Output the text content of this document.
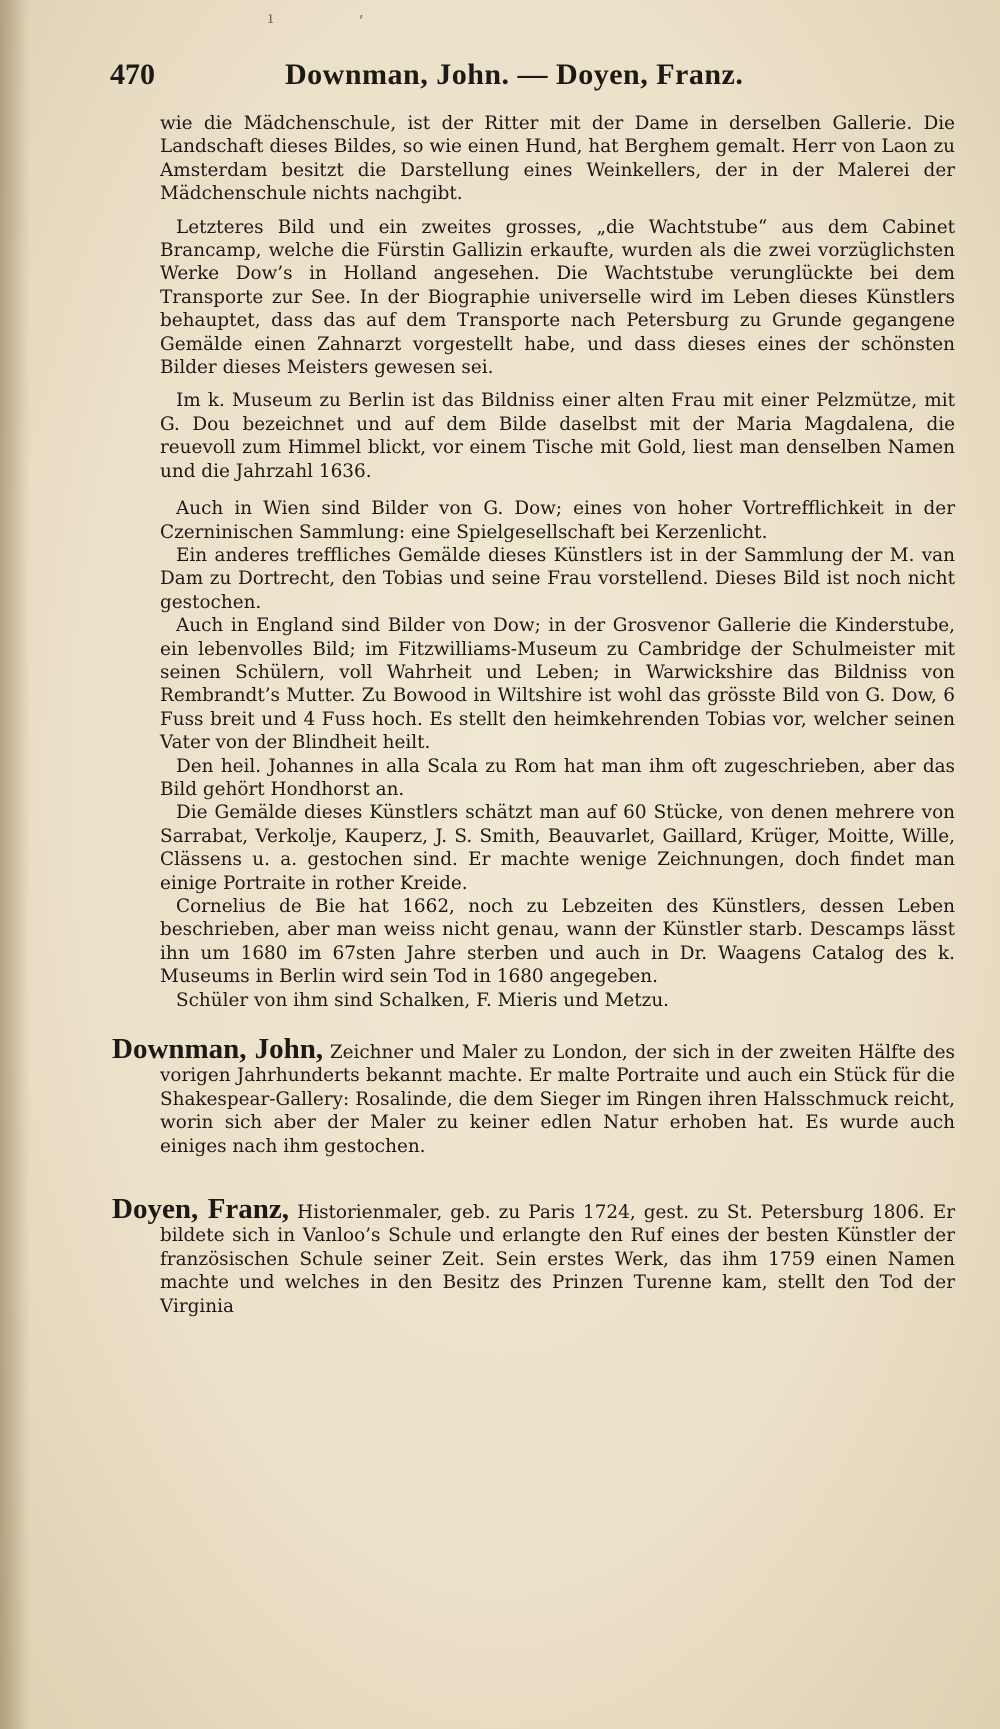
ı	ʼ
470	Downman, John. — Doyen, Franz.

wie die Mädchenschule, ist der Ritter mit der Dame in derselben Gallerie. Die Landschaft dieses Bildes, so wie einen Hund, hat Berghem gemalt. Herr von Laon zu Amsterdam besitzt die Darstellung eines Weinkellers, der in der Malerei der Mädchenschule nichts nachgibt.

Letzteres Bild und ein zweites grosses, „die Wachtstube“ aus dem Cabinet Brancamp, welche die Fürstin Gallizin erkaufte, wurden als die zwei vorzüglichsten Werke Dow’s in Holland angesehen. Die Wachtstube verunglückte bei dem Transporte zur See. In der Biographie universelle wird im Leben dieses Künstlers behauptet, dass das auf dem Transporte nach Petersburg zu Grunde gegangene Gemälde einen Zahnarzt vorgestellt habe, und dass dieses eines der schönsten Bilder dieses Meisters gewesen sei.

Im k. Museum zu Berlin ist das Bildniss einer alten Frau mit einer Pelzmütze, mit G. Dou bezeichnet und auf dem Bilde daselbst mit der Maria Magdalena, die reuevoll zum Himmel blickt, vor einem Tische mit Gold, liest man denselben Namen und die Jahrzahl 1636.

Auch in Wien sind Bilder von G. Dow; eines von hoher Vortrefflichkeit in der Czerninischen Sammlung: eine Spielgesellschaft bei Kerzenlicht.

Ein anderes treffliches Gemälde dieses Künstlers ist in der Sammlung der M. van Dam zu Dortrecht, den Tobias und seine Frau vorstellend. Dieses Bild ist noch nicht gestochen.

Auch in England sind Bilder von Dow; in der Grosvenor Gallerie die Kinderstube, ein lebenvolles Bild; im Fitzwilliams-Museum zu Cambridge der Schulmeister mit seinen Schülern, voll Wahrheit und Leben; in Warwickshire das Bildniss von Rembrandt’s Mutter. Zu Bowood in Wiltshire ist wohl das grösste Bild von G. Dow, 6 Fuss breit und 4 Fuss hoch. Es stellt den heimkehrenden Tobias vor, welcher seinen Vater von der Blindheit heilt.

Den heil. Johannes in alla Scala zu Rom hat man ihm oft zugeschrieben, aber das Bild gehört Hondhorst an.

Die Gemälde dieses Künstlers schätzt man auf 60 Stücke, von denen mehrere von Sarrabat, Verkolje, Kauperz, J. S. Smith, Beauvarlet, Gaillard, Krüger, Moitte, Wille, Clässens u. a. gestochen sind. Er machte wenige Zeichnungen, doch findet man einige Portraite in rother Kreide.

Cornelius de Bie hat 1662, noch zu Lebzeiten des Künstlers, dessen Leben beschrieben, aber man weiss nicht genau, wann der Künstler starb. Descamps lässt ihn um 1680 im 67sten Jahre sterben und auch in Dr. Waagens Catalog des k. Museums in Berlin wird sein Tod in 1680 angegeben.

Schüler von ihm sind Schalken, F. Mieris und Metzu.

Downman, John, Zeichner und Maler zu London, der sich in der zweiten Hälfte des vorigen Jahrhunderts bekannt machte. Er malte Portraite und auch ein Stück für die Shakespear-Gallery: Rosalinde, die dem Sieger im Ringen ihren Halsschmuck reicht, worin sich aber der Maler zu keiner edlen Natur erhoben hat. Es wurde auch einiges nach ihm gestochen.

Doyen, Franz, Historienmaler, geb. zu Paris 1724, gest. zu St. Petersburg 1806. Er bildete sich in Vanloo’s Schule und erlangte den Ruf eines der besten Künstler der französischen Schule seiner Zeit. Sein erstes Werk, das ihm 1759 einen Namen machte und welches in den Besitz des Prinzen Turenne kam, stellt den Tod der Virginia
